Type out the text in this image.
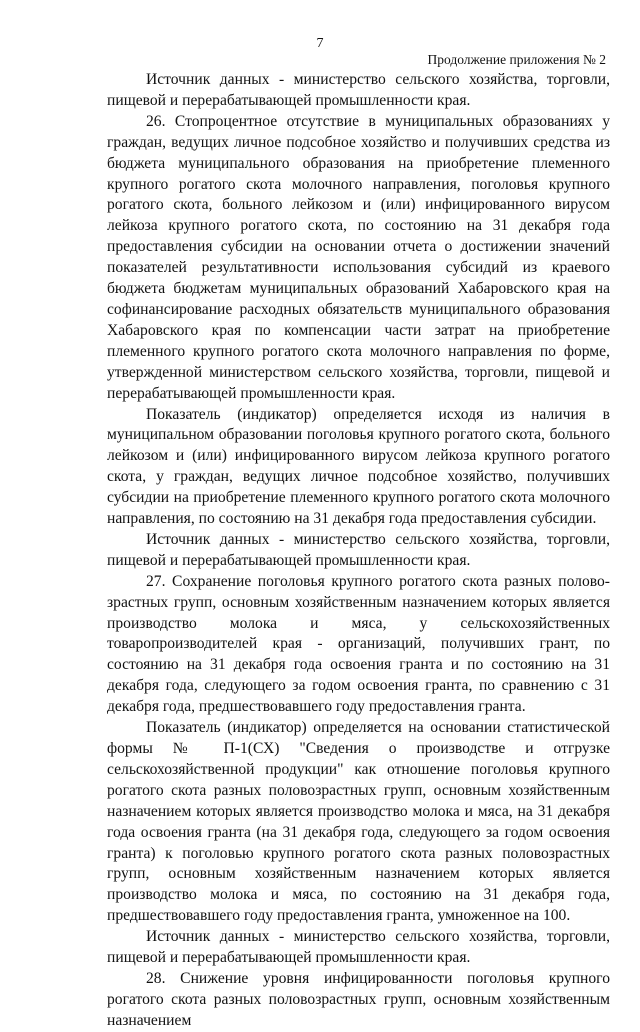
7
Продолжение приложения № 2

Источник данных - министерство сельского хозяйства, торговли, пищевой и перерабатывающей промышленности края.

26. Стопроцентное отсутствие в муниципальных образованиях у граждан, ведущих личное подсобное хозяйство и получивших средства из бюджета муниципального образования на приобретение племенного крупного рогатого скота молочного направления, поголовья крупного рогатого скота, больного лейкозом и (или) инфицированного вирусом лейкоза крупного рогатого скота, по состоянию на 31 декабря года предоставления субсидии на основании отчета о достижении значений показателей результативности использования субсидий из краевого бюджета бюджетам муниципальных образований Хабаровского края на софинансирование расходных обязательств муниципального образования Хабаровского края по компенсации части затрат на приобретение племенного крупного рогатого скота молочного направления по форме, утвержденной министерством сельского хозяйства, торговли, пищевой и перерабатывающей промышленности края.

Показатель (индикатор) определяется исходя из наличия в муниципальном образовании поголовья крупного рогатого скота, больного лейкозом и (или) инфицированного вирусом лейкоза крупного рогатого скота, у граждан, ведущих личное подсобное хозяйство, получивших субсидии на приобретение племенного крупного рогатого скота молочного направления, по состоянию на 31 декабря года предоставления субсидии.

Источник данных - министерство сельского хозяйства, торговли, пищевой и перерабатывающей промышленности края.

27. Сохранение поголовья крупного рогатого скота разных половозрастных групп, основным хозяйственным назначением которых является производство молока и мяса, у сельскохозяйственных товаропроизводителей края - организаций, получивших грант, по состоянию на 31 декабря года освоения гранта и по состоянию на 31 декабря года, следующего за годом освоения гранта, по сравнению с 31 декабря года, предшествовавшего году предоставления гранта.

Показатель (индикатор) определяется на основании статистической формы № П-1(СХ) "Сведения о производстве и отгрузке сельскохозяйственной продукции" как отношение поголовья крупного рогатого скота разных половозрастных групп, основным хозяйственным назначением которых является производство молока и мяса, на 31 декабря года освоения гранта (на 31 декабря года, следующего за годом освоения гранта) к поголовью крупного рогатого скота разных половозрастных групп, основным хозяйственным назначением которых является производство молока и мяса, по состоянию на 31 декабря года, предшествовавшего году предоставления гранта, умноженное на 100.

Источник данных - министерство сельского хозяйства, торговли, пищевой и перерабатывающей промышленности края.

28. Снижение уровня инфицированности поголовья крупного рогатого скота разных половозрастных групп, основным хозяйственным назначением
